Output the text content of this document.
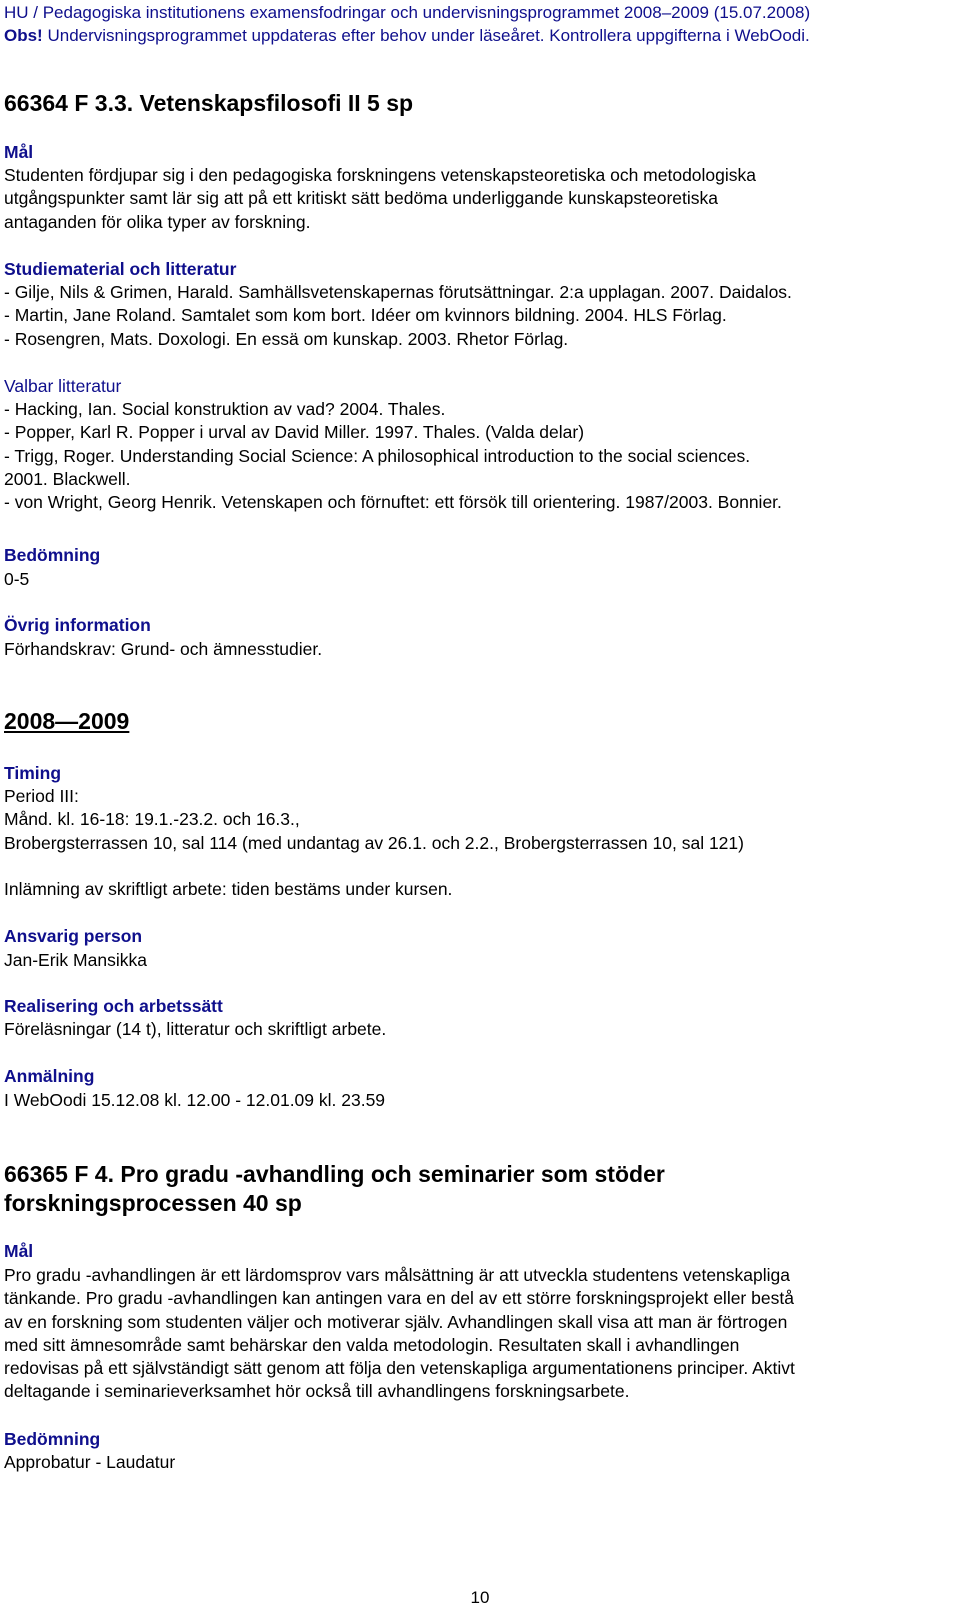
HU / Pedagogiska institutionens examensfodringar och undervisningsprogrammet 2008–2009 (15.07.2008)
Obs! Undervisningsprogrammet uppdateras efter behov under läseåret. Kontrollera uppgifterna i WebOodi.
66364 F 3.3. Vetenskapsfilosofi II 5 sp
Mål
Studenten fördjupar sig i den pedagogiska forskningens vetenskapsteoretiska och metodologiska
utgångspunkter samt lär sig att på ett kritiskt sätt bedöma underliggande kunskapsteoretiska
antaganden för olika typer av forskning.
Studiematerial och litteratur
- Gilje, Nils & Grimen, Harald. Samhällsvetenskapernas förutsättningar. 2:a upplagan. 2007. Daidalos.
- Martin, Jane Roland. Samtalet som kom bort. Idéer om kvinnors bildning. 2004. HLS Förlag.
- Rosengren, Mats. Doxologi. En essä om kunskap. 2003. Rhetor Förlag.
Valbar litteratur
- Hacking, Ian. Social konstruktion av vad? 2004. Thales.
- Popper, Karl R. Popper i urval av David Miller. 1997. Thales. (Valda delar)
- Trigg, Roger. Understanding Social Science: A philosophical introduction to the social sciences.
2001. Blackwell.
- von Wright, Georg Henrik. Vetenskapen och förnuftet: ett försök till orientering. 1987/2003. Bonnier.
Bedömning
0-5
Övrig information
Förhandskrav: Grund- och ämnesstudier.
2008—2009
Timing
Period III:
Månd. kl. 16-18: 19.1.-23.2. och 16.3.,
Brobergsterrassen 10, sal 114 (med undantag av 26.1. och 2.2., Brobergsterrassen 10, sal 121)
Inlämning av skriftligt arbete: tiden bestäms under kursen.
Ansvarig person
Jan-Erik Mansikka
Realisering och arbetssätt
Föreläsningar (14 t), litteratur och skriftligt arbete.
Anmälning
I WebOodi 15.12.08 kl. 12.00 - 12.01.09 kl. 23.59
66365 F 4. Pro gradu -avhandling och seminarier som stöder
forskningsprocessen 40 sp
Mål
Pro gradu -avhandlingen är ett lärdomsprov vars målsättning är att utveckla studentens vetenskapliga
tänkande. Pro gradu -avhandlingen kan antingen vara en del av ett större forskningsprojekt eller bestå
av en forskning som studenten väljer och motiverar själv. Avhandlingen skall visa att man är förtrogen
med sitt ämnesområde samt behärskar den valda metodologin. Resultaten skall i avhandlingen
redovisas på ett självständigt sätt genom att följa den vetenskapliga argumentationens principer. Aktivt
deltagande i seminarieverksamhet hör också till avhandlingens forskningsarbete.
Bedömning
Approbatur - Laudatur
10
